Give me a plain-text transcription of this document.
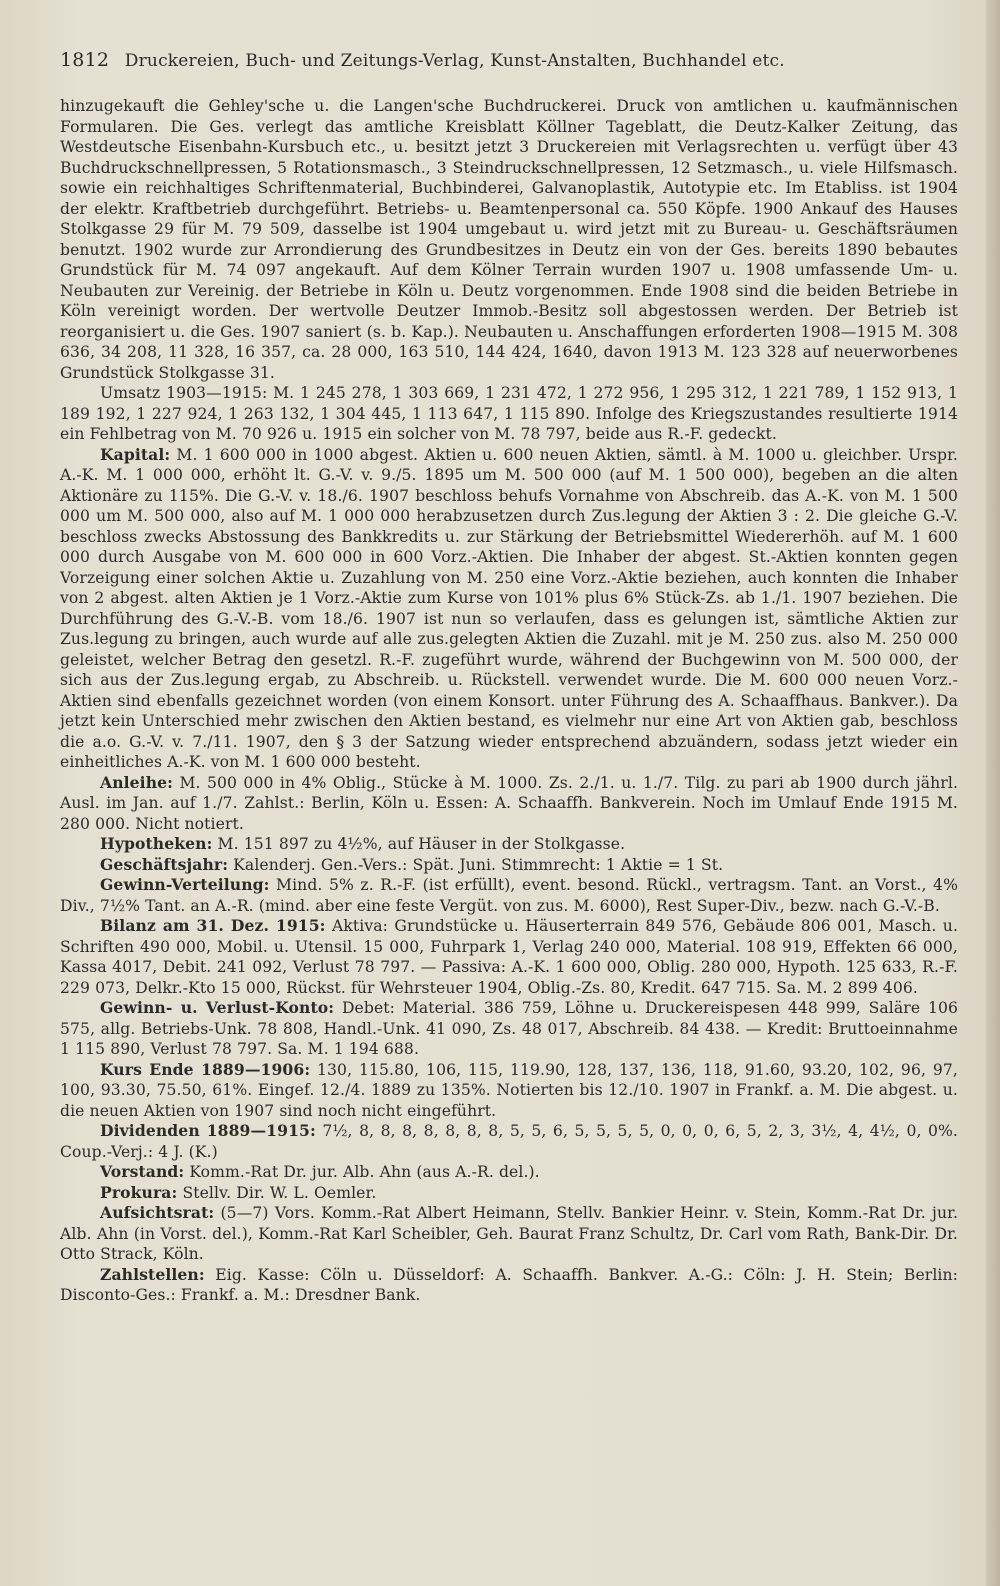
1812 Druckereien, Buch- und Zeitungs-Verlag, Kunst-Anstalten, Buchhandel etc.

hinzugekauft die Gehley'sche u. die Langen'sche Buchdruckerei. Druck von amtlichen u. kaufmännischen Formularen. Die Ges. verlegt das amtliche Kreisblatt Köllner Tageblatt, die Deutz-Kalker Zeitung, das Westdeutsche Eisenbahn-Kursbuch etc., u. besitzt jetzt 3 Druckereien mit Verlagsrechten u. verfügt über 43 Buchdruckschnellpressen, 5 Rotationsmasch., 3 Steindruckschnellpressen, 12 Setzmasch., u. viele Hilfsmasch. sowie ein reichhaltiges Schriftenmaterial, Buchbinderei, Galvanoplastik, Autotypie etc. Im Etabliss. ist 1904 der elektr. Kraftbetrieb durchgeführt. Betriebs- u. Beamtenpersonal ca. 550 Köpfe. 1900 Ankauf des Hauses Stolkgasse 29 für M. 79 509, dasselbe ist 1904 umgebaut u. wird jetzt mit zu Bureau- u. Geschäftsräumen benutzt. 1902 wurde zur Arrondierung des Grundbesitzes in Deutz ein von der Ges. bereits 1890 bebautes Grundstück für M. 74 097 angekauft. Auf dem Kölner Terrain wurden 1907 u. 1908 umfassende Um- u. Neubauten zur Vereinig. der Betriebe in Köln u. Deutz vorgenommen. Ende 1908 sind die beiden Betriebe in Köln vereinigt worden. Der wertvolle Deutzer Immob.-Besitz soll abgestossen werden. Der Betrieb ist reorganisiert u. die Ges. 1907 saniert (s. b. Kap.). Neubauten u. Anschaffungen erforderten 1908—1915 M. 308 636, 34 208, 11 328, 16 357, ca. 28 000, 163 510, 144 424, 1640, davon 1913 M. 123 328 auf neuerworbenes Grundstück Stolkgasse 31.

Umsatz 1903—1915: M. 1 245 278, 1 303 669, 1 231 472, 1 272 956, 1 295 312, 1 221 789, 1 152 913, 1 189 192, 1 227 924, 1 263 132, 1 304 445, 1 113 647, 1 115 890. Infolge des Kriegszustandes resultierte 1914 ein Fehlbetrag von M. 70 926 u. 1915 ein solcher von M. 78 797, beide aus R.-F. gedeckt.

Kapital: M. 1 600 000 in 1000 abgest. Aktien u. 600 neuen Aktien, sämtl. à M. 1000 u. gleichber. Urspr. A.-K. M. 1 000 000, erhöht lt. G.-V. v. 9./5. 1895 um M. 500 000 (auf M. 1 500 000), begeben an die alten Aktionäre zu 115%. Die G.-V. v. 18./6. 1907 beschloss behufs Vornahme von Abschreib. das A.-K. von M. 1 500 000 um M. 500 000, also auf M. 1 000 000 herabzusetzen durch Zus.legung der Aktien 3 : 2. Die gleiche G.-V. beschloss zwecks Abstossung des Bankkredits u. zur Stärkung der Betriebsmittel Wiedererhöh. auf M. 1 600 000 durch Ausgabe von M. 600 000 in 600 Vorz.-Aktien. Die Inhaber der abgest. St.-Aktien konnten gegen Vorzeigung einer solchen Aktie u. Zuzahlung von M. 250 eine Vorz.-Aktie beziehen, auch konnten die Inhaber von 2 abgest. alten Aktien je 1 Vorz.-Aktie zum Kurse von 101% plus 6% Stück-Zs. ab 1./1. 1907 beziehen. Die Durchführung des G.-V.-B. vom 18./6. 1907 ist nun so verlaufen, dass es gelungen ist, sämtliche Aktien zur Zus.legung zu bringen, auch wurde auf alle zus.gelegten Aktien die Zuzahl. mit je M. 250 zus. also M. 250 000 geleistet, welcher Betrag den gesetzl. R.-F. zugeführt wurde, während der Buchgewinn von M. 500 000, der sich aus der Zus.legung ergab, zu Abschreib. u. Rückstell. verwendet wurde. Die M. 600 000 neuen Vorz.-Aktien sind ebenfalls gezeichnet worden (von einem Konsort. unter Führung des A. Schaaffhaus. Bankver.). Da jetzt kein Unterschied mehr zwischen den Aktien bestand, es vielmehr nur eine Art von Aktien gab, beschloss die a.o. G.-V. v. 7./11. 1907, den § 3 der Satzung wieder entsprechend abzuändern, sodass jetzt wieder ein einheitliches A.-K. von M. 1 600 000 besteht.

Anleihe: M. 500 000 in 4% Oblig., Stücke à M. 1000. Zs. 2./1. u. 1./7. Tilg. zu pari ab 1900 durch jährl. Ausl. im Jan. auf 1./7. Zahlst.: Berlin, Köln u. Essen: A. Schaaffh. Bankverein. Noch im Umlauf Ende 1915 M. 280 000. Nicht notiert.

Hypotheken: M. 151 897 zu 4½%, auf Häuser in der Stolkgasse.

Geschäftsjahr: Kalenderj. Gen.-Vers.: Spät. Juni. Stimmrecht: 1 Aktie = 1 St.

Gewinn-Verteilung: Mind. 5% z. R.-F. (ist erfüllt), event. besond. Rückl., vertragsm. Tant. an Vorst., 4% Div., 7½% Tant. an A.-R. (mind. aber eine feste Vergüt. von zus. M. 6000), Rest Super-Div., bezw. nach G.-V.-B.

Bilanz am 31. Dez. 1915: Aktiva: Grundstücke u. Häuserterrain 849 576, Gebäude 806 001, Masch. u. Schriften 490 000, Mobil. u. Utensil. 15 000, Fuhrpark 1, Verlag 240 000, Material. 108 919, Effekten 66 000, Kassa 4017, Debit. 241 092, Verlust 78 797. — Passiva: A.-K. 1 600 000, Oblig. 280 000, Hypoth. 125 633, R.-F. 229 073, Delkr.-Kto 15 000, Rückst. für Wehrsteuer 1904, Oblig.-Zs. 80, Kredit. 647 715. Sa. M. 2 899 406.

Gewinn- u. Verlust-Konto: Debet: Material. 386 759, Löhne u. Druckereispesen 448 999, Saläre 106 575, allg. Betriebs-Unk. 78 808, Handl.-Unk. 41 090, Zs. 48 017, Abschreib. 84 438. — Kredit: Bruttoeinnahme 1 115 890, Verlust 78 797. Sa. M. 1 194 688.

Kurs Ende 1889—1906: 130, 115.80, 106, 115, 119.90, 128, 137, 136, 118, 91.60, 93.20, 102, 96, 97, 100, 93.30, 75.50, 61%. Eingef. 12./4. 1889 zu 135%. Notierten bis 12./10. 1907 in Frankf. a. M. Die abgest. u. die neuen Aktien von 1907 sind noch nicht eingeführt.

Dividenden 1889—1915: 7½, 8, 8, 8, 8, 8, 8, 8, 5, 5, 6, 5, 5, 5, 5, 0, 0, 0, 6, 5, 2, 3, 3½, 4, 4½, 0, 0%. Coup.-Verj.: 4 J. (K.)

Vorstand: Komm.-Rat Dr. jur. Alb. Ahn (aus A.-R. del.).

Prokura: Stellv. Dir. W. L. Oemler.

Aufsichtsrat: (5—7) Vors. Komm.-Rat Albert Heimann, Stellv. Bankier Heinr. v. Stein, Komm.-Rat Dr. jur. Alb. Ahn (in Vorst. del.), Komm.-Rat Karl Scheibler, Geh. Baurat Franz Schultz, Dr. Carl vom Rath, Bank-Dir. Dr. Otto Strack, Köln.

Zahlstellen: Eig. Kasse: Cöln u. Düsseldorf: A. Schaaffh. Bankver. A.-G.: Cöln: J. H. Stein; Berlin: Disconto-Ges.: Frankf. a. M.: Dresdner Bank.
